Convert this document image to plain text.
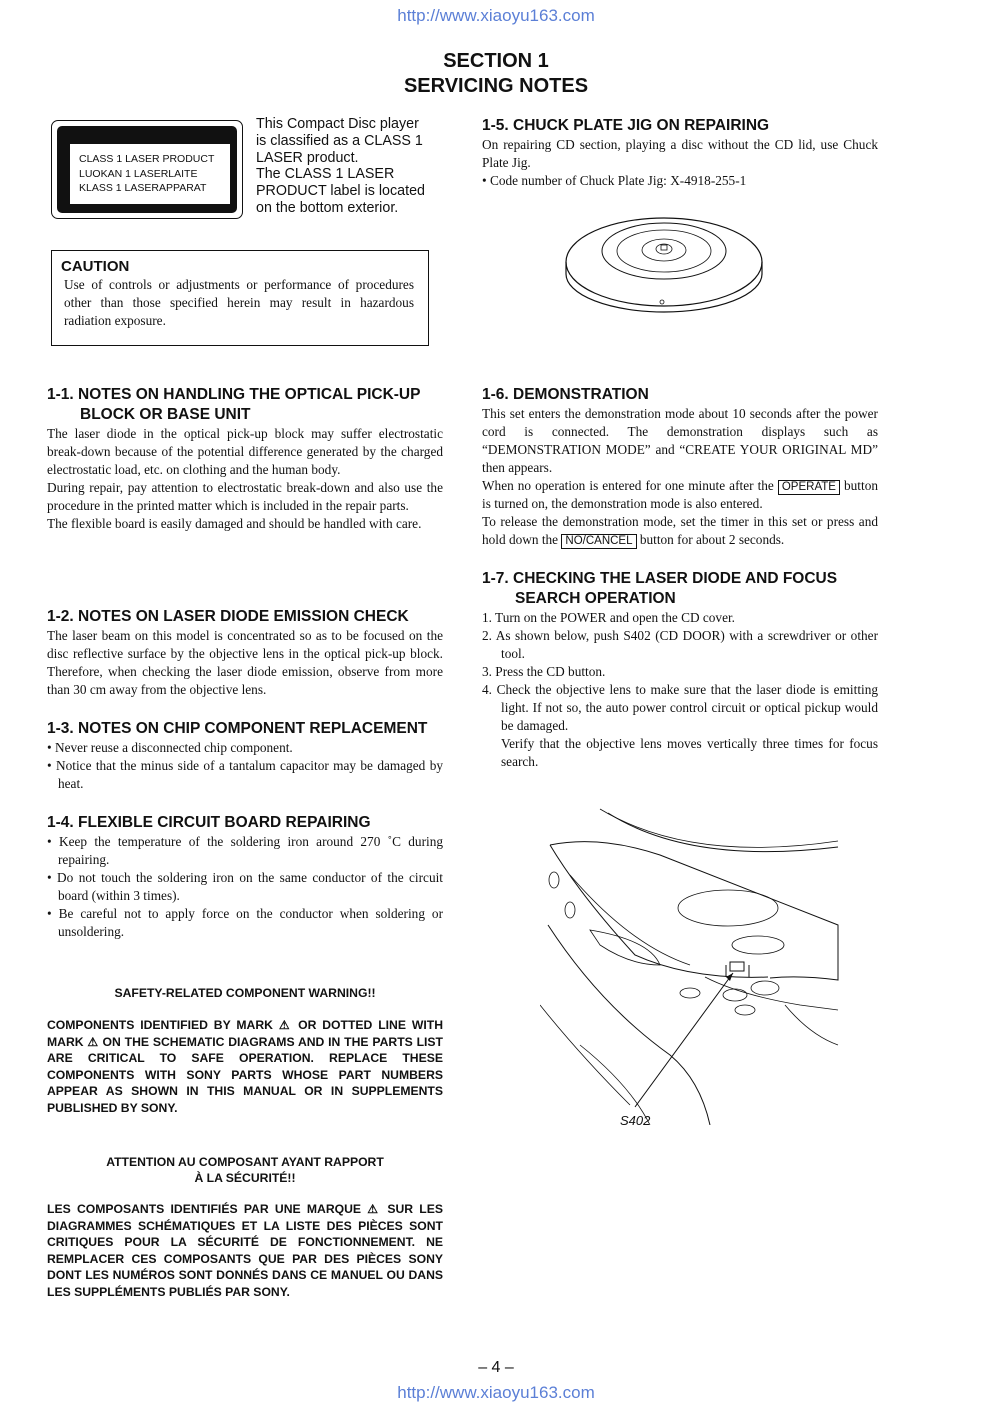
http://www.xiaoyu163.com
SECTION 1
SERVICING NOTES
CLASS 1 LASER PRODUCT
LUOKAN 1 LASERLAITE
KLASS 1 LASERAPPARAT
This Compact Disc player
is classified as a CLASS 1
LASER product.
The CLASS 1 LASER
PRODUCT label is located
on the bottom exterior.
CAUTION
Use of controls or adjustments or performance of procedures other than those specified herein may result in hazardous radiation exposure.
1-1. NOTES ON HANDLING THE OPTICAL PICK-UP
BLOCK OR BASE UNIT
The laser diode in the optical pick-up block may suffer electrostatic break-down because of the potential difference generated by the charged electrostatic load, etc. on clothing and the human body.
During repair, pay attention to electrostatic break-down and also use the procedure in the printed matter which is included in the repair parts.
The flexible board is easily damaged and should be handled with care.
1-2. NOTES ON LASER DIODE EMISSION CHECK
The laser beam on this model is concentrated so as to be focused on the disc reflective surface by the objective lens in the optical pick-up block. Therefore, when checking the laser diode emission, observe from more than 30 cm away from the objective lens.
1-3. NOTES ON CHIP COMPONENT REPLACEMENT
• Never reuse a disconnected chip component.
• Notice that the minus side of a tantalum capacitor may be damaged by heat.
1-4. FLEXIBLE CIRCUIT BOARD REPAIRING
• Keep the temperature of the soldering iron around 270 ˚C during repairing.
• Do not touch the soldering iron on the same conductor of the circuit board (within 3 times).
• Be careful not to apply force on the conductor when soldering or unsoldering.
SAFETY-RELATED COMPONENT WARNING!!
COMPONENTS IDENTIFIED BY MARK ⚠ OR DOTTED LINE WITH MARK ⚠ ON THE SCHEMATIC DIAGRAMS AND IN THE PARTS LIST ARE CRITICAL TO SAFE OPERATION. REPLACE THESE COMPONENTS WITH SONY PARTS WHOSE PART NUMBERS APPEAR AS SHOWN IN THIS MANUAL OR IN SUPPLEMENTS PUBLISHED BY SONY.
ATTENTION AU COMPOSANT AYANT RAPPORT
À LA SÉCURITÉ!!
LES COMPOSANTS IDENTIFIÉS PAR UNE MARQUE ⚠ SUR LES DIAGRAMMES SCHÉMATIQUES ET LA LISTE DES PIÈCES SONT CRITIQUES POUR LA SÉCURITÉ DE FONCTIONNEMENT. NE REMPLACER CES COMPOSANTS QUE PAR DES PIÈCES SONY DONT LES NUMÉROS SONT DONNÉS DANS CE MANUEL OU DANS LES SUPPLÉMENTS PUBLIÉS PAR SONY.
1-5. CHUCK PLATE JIG ON REPAIRING
On repairing CD section, playing a disc without the CD lid, use Chuck Plate Jig.
• Code number of Chuck Plate Jig: X-4918-255-1
1-6. DEMONSTRATION
This set enters the demonstration mode about 10 seconds after the power cord is connected. The demonstration displays such as “DEMONSTRATION MODE” and “CREATE YOUR ORIGINAL MD” then appears.
When no operation is entered for one minute after the OPERATE button is turned on, the demonstration mode is also entered.
To release the demonstration mode, set the timer in this set or press and hold down the NO/CANCEL button for about 2 seconds.
1-7. CHECKING THE LASER DIODE AND FOCUS
SEARCH OPERATION
1. Turn on the POWER and open the CD cover.
2. As shown below, push S402 (CD DOOR) with a screwdriver or other tool.
3. Press the CD button.
4. Check the objective lens to make sure that the laser diode is emitting light. If not so, the auto power control circuit or optical pickup would be damaged.
Verify that the objective lens moves vertically three times for focus search.
S402
– 4 –
http://www.xiaoyu163.com
